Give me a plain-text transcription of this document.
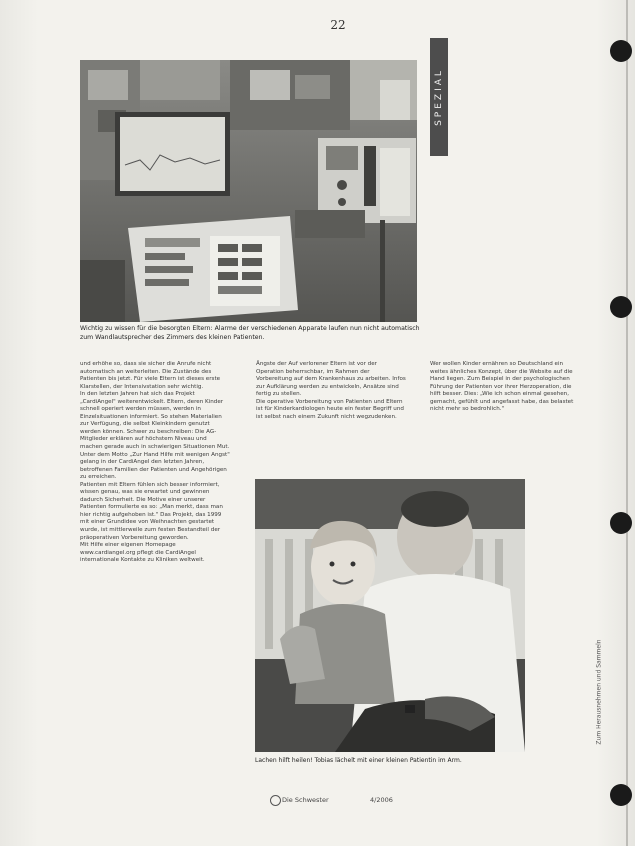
22
SPEZIAL
Wichtig zu wissen für die besorgten Eltern: Alarme der verschiedenen Apparate laufen nun nicht automatisch zum Wandlautsprecher des Zimmers des kleinen Patienten.

und erhöhe so, dass sie sicher die Anrufe nicht automatisch an weiterleiten. Die Zustände des Patienten bis jetzt. Für viele Eltern ist dieses erste Klarstellen, der Intensivstation sehr wichtig.

In den letzten Jahren hat sich das Projekt „CardiAngel" weiterentwickelt. Eltern, deren Kinder schnell operiert werden müssen, werden in Einzelsituationen informiert. So stehen Materialien zur Verfügung, die selbst Kleinkindern genutzt werden können. Schwer zu beschreiben: Die AG-Mitglieder erklären auf höchstem Niveau und machen gerade auch in schwierigen Situationen Mut.

Unter dem Motto „Zur Hand Hilfe mit wenigen Angst" gelang in der CardiAngel den letzten Jahren, betroffenen Familien der Patienten und Angehörigen zu erreichen.

Patienten mit Eltern fühlen sich besser informiert, wissen genau, was sie erwartet und gewinnen dadurch Sicherheit. Die Motive einer unserer Patienten formulierte es so: „Man merkt, dass man hier richtig aufgehoben ist." Das Projekt, das 1999 mit einer Grundidee von Weihnachten gestartet wurde, ist mittlerweile zum festen Bestandteil der präoperativen Vorbereitung geworden.

Mit Hilfe einer eigenen Homepage www.cardiangel.org pflegt die CardiAngel internationale Kontakte zu Kliniken weltweit.

Ängste der Auf verlorener Eltern ist vor der Operation beherrschbar, im Rahmen der Vorbereitung auf dem Krankenhaus zu arbeiten. Infos zur Aufklärung werden zu entwickeln, Ansätze sind fertig zu stellen.

Die operative Vorbereitung von Patienten und Eltern ist für Kinderkardiologen heute ein fester Begriff und ist selbst nach einem Zukunft nicht wegzudenken.

Wer wollen Kinder ernähren so Deutschland ein weites ähnliches Konzept, über die Website auf die Hand liegen. Zum Beispiel in der psychologischen Führung der Patienten vor ihrer Herzoperation, die hilft besser. Dies: „Wie ich schon einmal gesehen, gemacht, gefühlt und angefasst habe, das belastet nicht mehr so bedrohlich."

Lachen hilft heilen! Tobias lächelt mit einer kleinen Patientin im Arm.
Die Schwester	4/2006
Zum Herausnehmen und Sammeln
